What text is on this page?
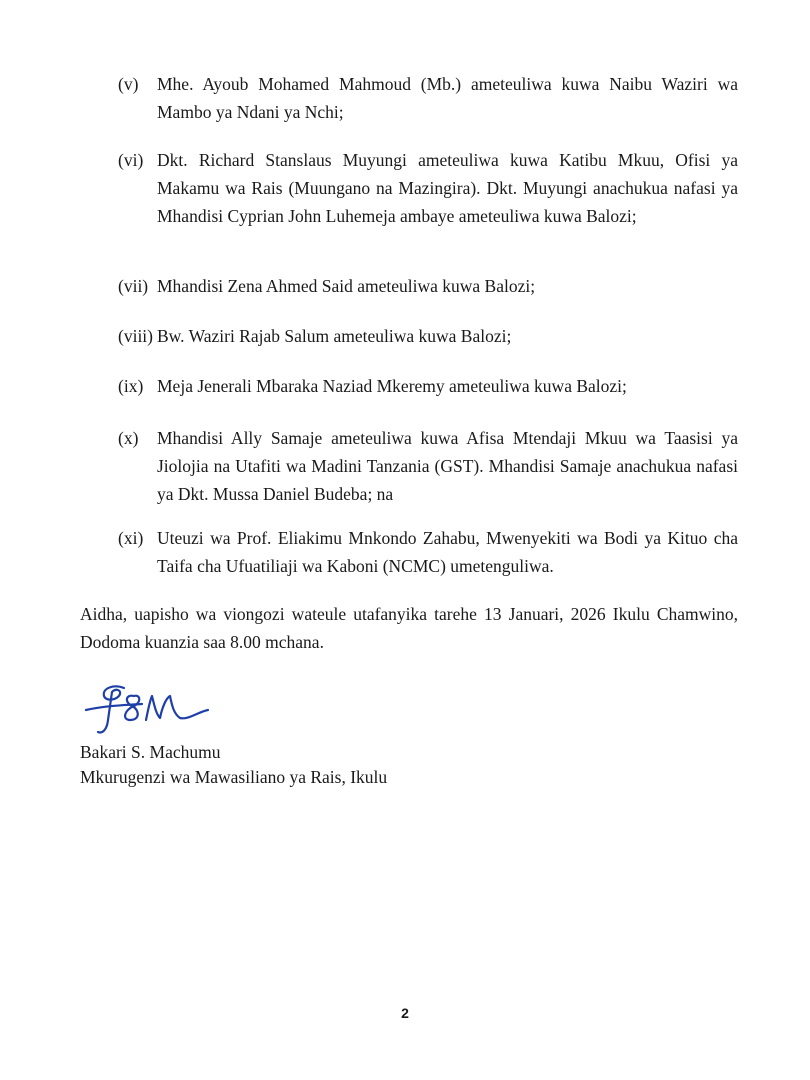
(v) Mhe. Ayoub Mohamed Mahmoud (Mb.) ameteuliwa kuwa Naibu Waziri wa Mambo ya Ndani ya Nchi;
(vi) Dkt. Richard Stanslaus Muyungi ameteuliwa kuwa Katibu Mkuu, Ofisi ya Makamu wa Rais (Muungano na Mazingira). Dkt. Muyungi anachukua nafasi ya Mhandisi Cyprian John Luhemeja ambaye ameteuliwa kuwa Balozi;
(vii) Mhandisi Zena Ahmed Said ameteuliwa kuwa Balozi;
(viii) Bw. Waziri Rajab Salum ameteuliwa kuwa Balozi;
(ix) Meja Jenerali Mbaraka Naziad Mkeremy ameteuliwa kuwa Balozi;
(x) Mhandisi Ally Samaje ameteuliwa kuwa Afisa Mtendaji Mkuu wa Taasisi ya Jiolojia na Utafiti wa Madini Tanzania (GST). Mhandisi Samaje anachukua nafasi ya Dkt. Mussa Daniel Budeba; na
(xi) Uteuzi wa Prof. Eliakimu Mnkondo Zahabu, Mwenyekiti wa Bodi ya Kituo cha Taifa cha Ufuatiliaji wa Kaboni (NCMC) umetenguliwa.
Aidha, uapisho wa viongozi wateule utafanyika tarehe 13 Januari, 2026 Ikulu Chamwino, Dodoma kuanzia saa 8.00 mchana.
Bakari S. Machumu
Mkurugenzi wa Mawasiliano ya Rais, Ikulu
2
